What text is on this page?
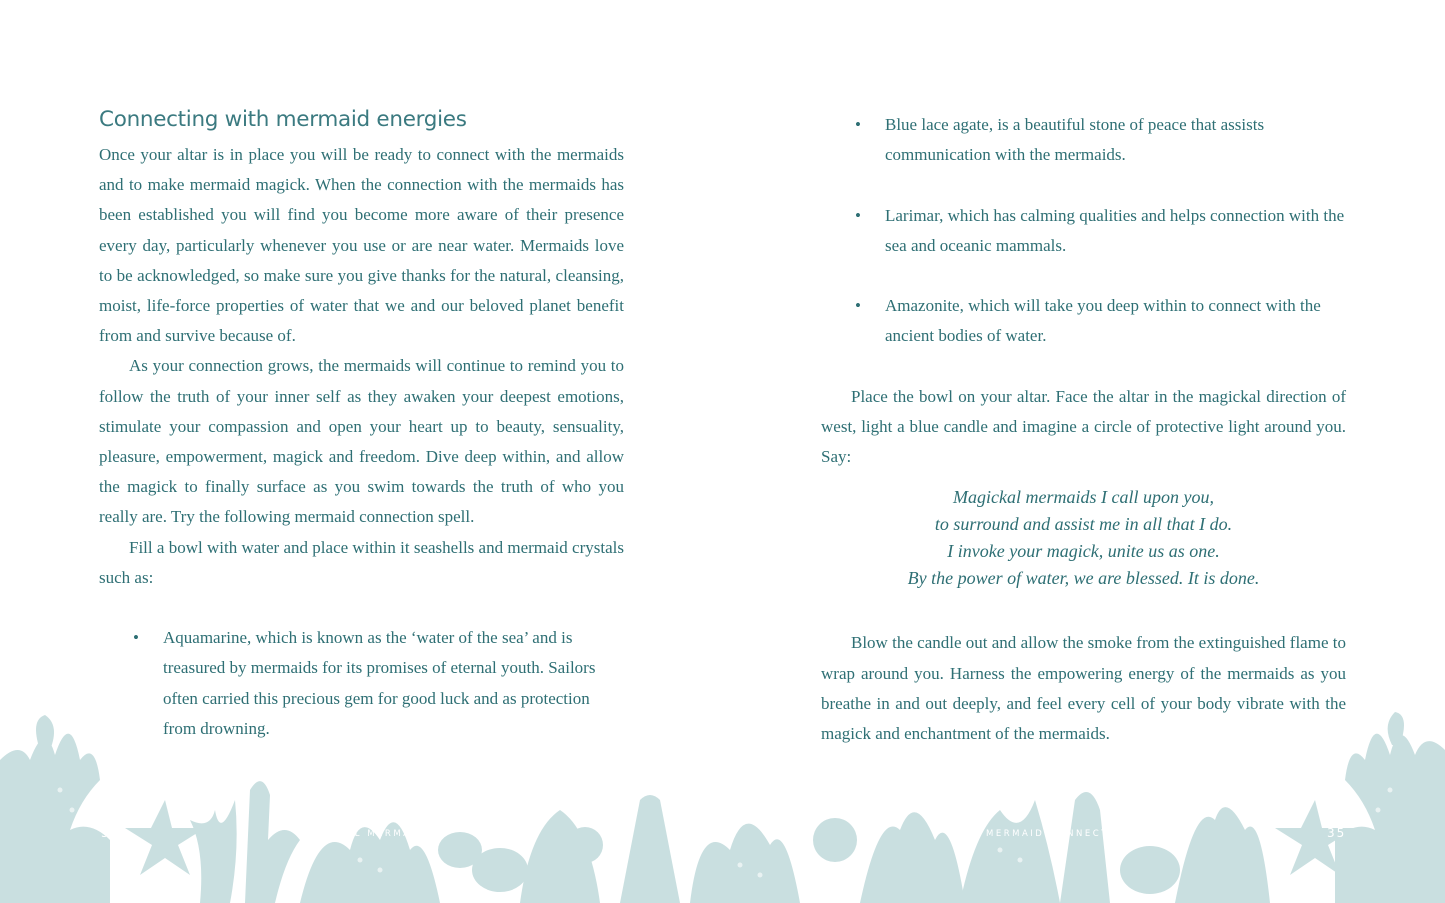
Connecting with mermaid energies

Once your altar is in place you will be ready to connect with the mermaids and to make mermaid magick. When the connection with the mermaids has been established you will find you become more aware of their presence every day, particularly whenever you use or are near water. Mermaids love to be acknowledged, so make sure you give thanks for the natural, cleansing, moist, life-force properties of water that we and our beloved planet benefit from and survive because of.

As your connection grows, the mermaids will continue to remind you to follow the truth of your inner self as they awaken your deepest emotions, stimulate your compassion and open your heart up to beauty, sensuality, pleasure, empowerment, magick and freedom. Dive deep within, and allow the magick to finally surface as you swim towards the truth of who you really are. Try the following mermaid connection spell.

Fill a bowl with water and place within it seashells and mermaid crystals such as:

• Aquamarine, which is known as the ‘water of the sea’ and is treasured by mermaids for its promises of eternal youth. Sailors often carried this precious gem for good luck and as protection from drowning.
34	MAGICKAL MERMAIDS
• Blue lace agate, is a beautiful stone of peace that assists communication with the mermaids.
• Larimar, which has calming qualities and helps connection with the sea and oceanic mammals.
• Amazonite, which will take you deep within to connect with the ancient bodies of water.

Place the bowl on your altar. Face the altar in the magickal direction of west, light a blue candle and imagine a circle of protective light around you. Say:

Magickal mermaids I call upon you,
to surround and assist me in all that I do.
I invoke your magick, unite us as one.
By the power of water, we are blessed. It is done.

Blow the candle out and allow the smoke from the extinguished flame to wrap around you. Harness the empowering energy of the mermaids as you breathe in and out deeply, and feel every cell of your body vibrate with the magick and enchantment of the mermaids.

MERMAID CONNECTION MAGICK	35
